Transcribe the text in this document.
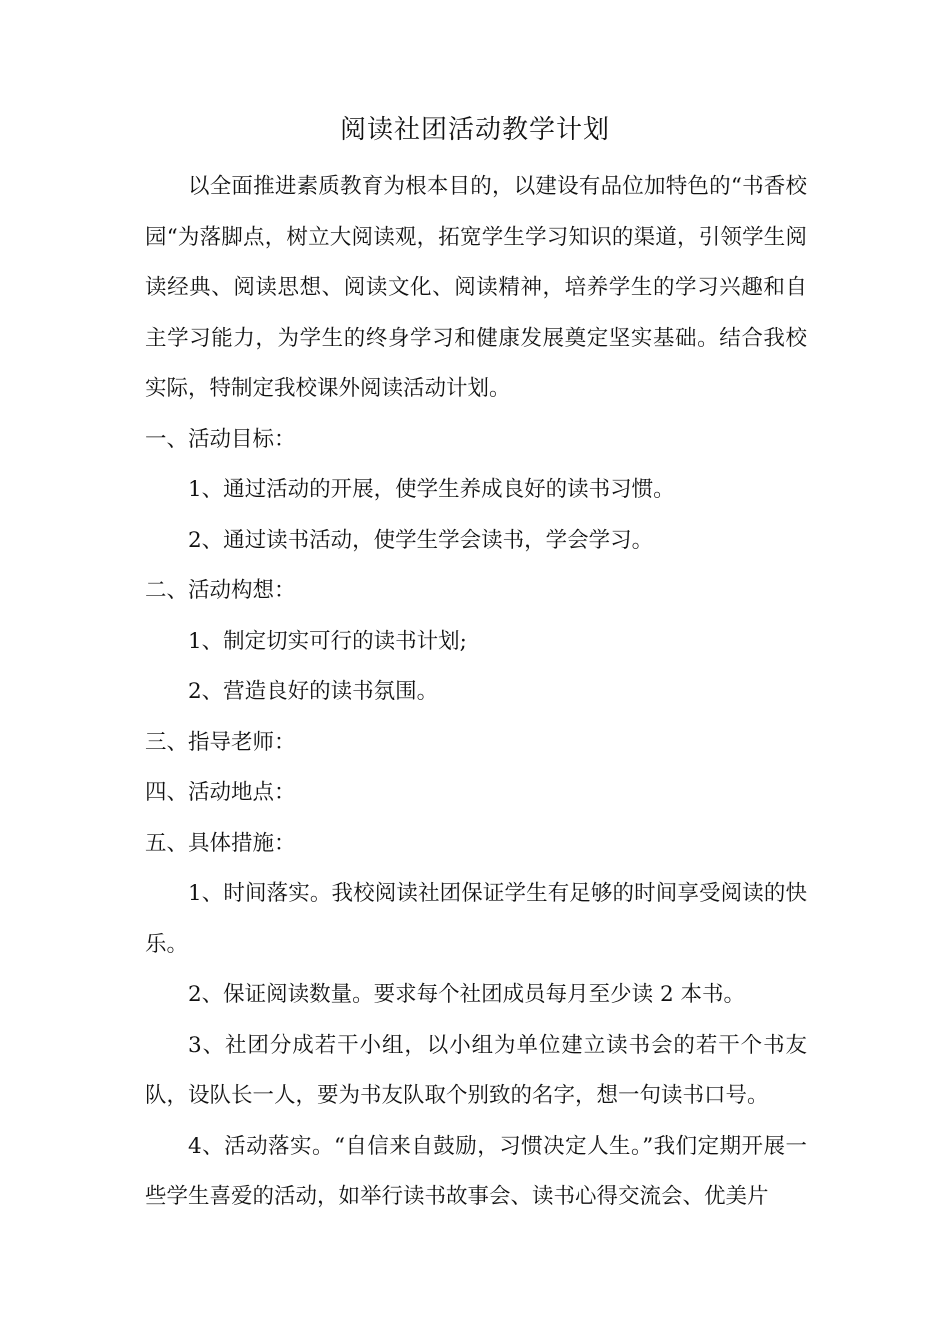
阅读社团活动教学计划

以全面推进素质教育为根本目的，以建设有品位加特色的“书香校园“为落脚点，树立大阅读观，拓宽学生学习知识的渠道，引领学生阅读经典、阅读思想、阅读文化、阅读精神，培养学生的学习兴趣和自主学习能力，为学生的终身学习和健康发展奠定坚实基础。结合我校实际，特制定我校课外阅读活动计划。

一、活动目标：

1、通过活动的开展，使学生养成良好的读书习惯。

2、通过读书活动，使学生学会读书，学会学习。

二、活动构想：

1、制定切实可行的读书计划;

2、营造良好的读书氛围。

三、指导老师：

四、活动地点：

五、具体措施：

1、时间落实。我校阅读社团保证学生有足够的时间享受阅读的快乐。

2、保证阅读数量。要求每个社团成员每月至少读 2 本书。

3、社团分成若干小组，以小组为单位建立读书会的若干个书友队，设队长一人，要为书友队取个别致的名字，想一句读书口号。

4、活动落实。“自信来自鼓励，习惯决定人生。”我们定期开展一些学生喜爱的活动，如举行读书故事会、读书心得交流会、优美片
